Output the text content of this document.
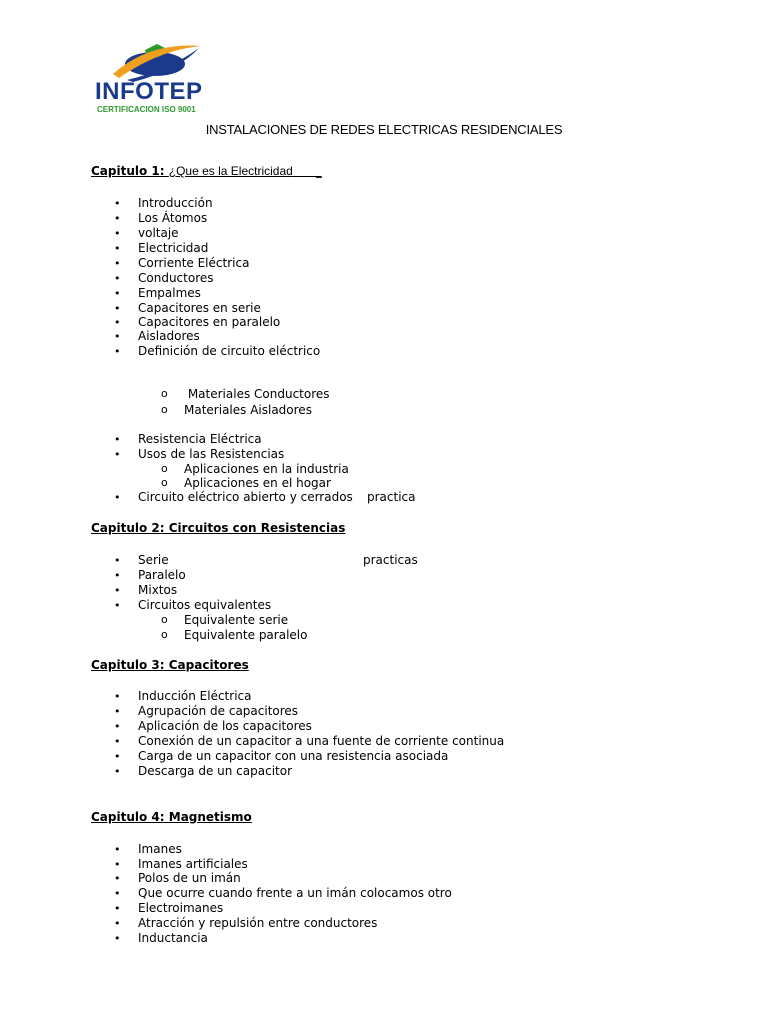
INFOTEP
CERTIFICACION ISO 9001
INSTALACIONES DE REDES ELECTRICAS RESIDENCIALES
Capitulo 1: ¿Que es la Electricidad      _
• Introducción
• Los Átomos
• voltaje
• Electricidad
• Corriente Eléctrica
• Conductores
• Empalmes
• Capacitores en serie
• Capacitores en paralelo
• Aisladores
• Definición de circuito eléctrico
o Materiales Conductores
o Materiales Aisladores
• Resistencia Eléctrica
• Usos de las Resistencias
o Aplicaciones en la industria
o Aplicaciones en el hogar
• Circuito eléctrico abierto y cerrados practica
Capitulo 2: Circuitos con Resistencias
• Serie	practicas
• Paralelo
• Mixtos
• Circuitos equivalentes
o Equivalente serie
o Equivalente paralelo
Capitulo 3: Capacitores
• Inducción Eléctrica
• Agrupación de capacitores
• Aplicación de los capacitores
• Conexión de un capacitor a una fuente de corriente continua
• Carga de un capacitor con una resistencia asociada
• Descarga de un capacitor
Capitulo 4: Magnetismo
• Imanes
• Imanes artificiales
• Polos de un imán
• Que ocurre cuando frente a un imán colocamos otro
• Electroimanes
• Atracción y repulsión entre conductores
• Inductancia
